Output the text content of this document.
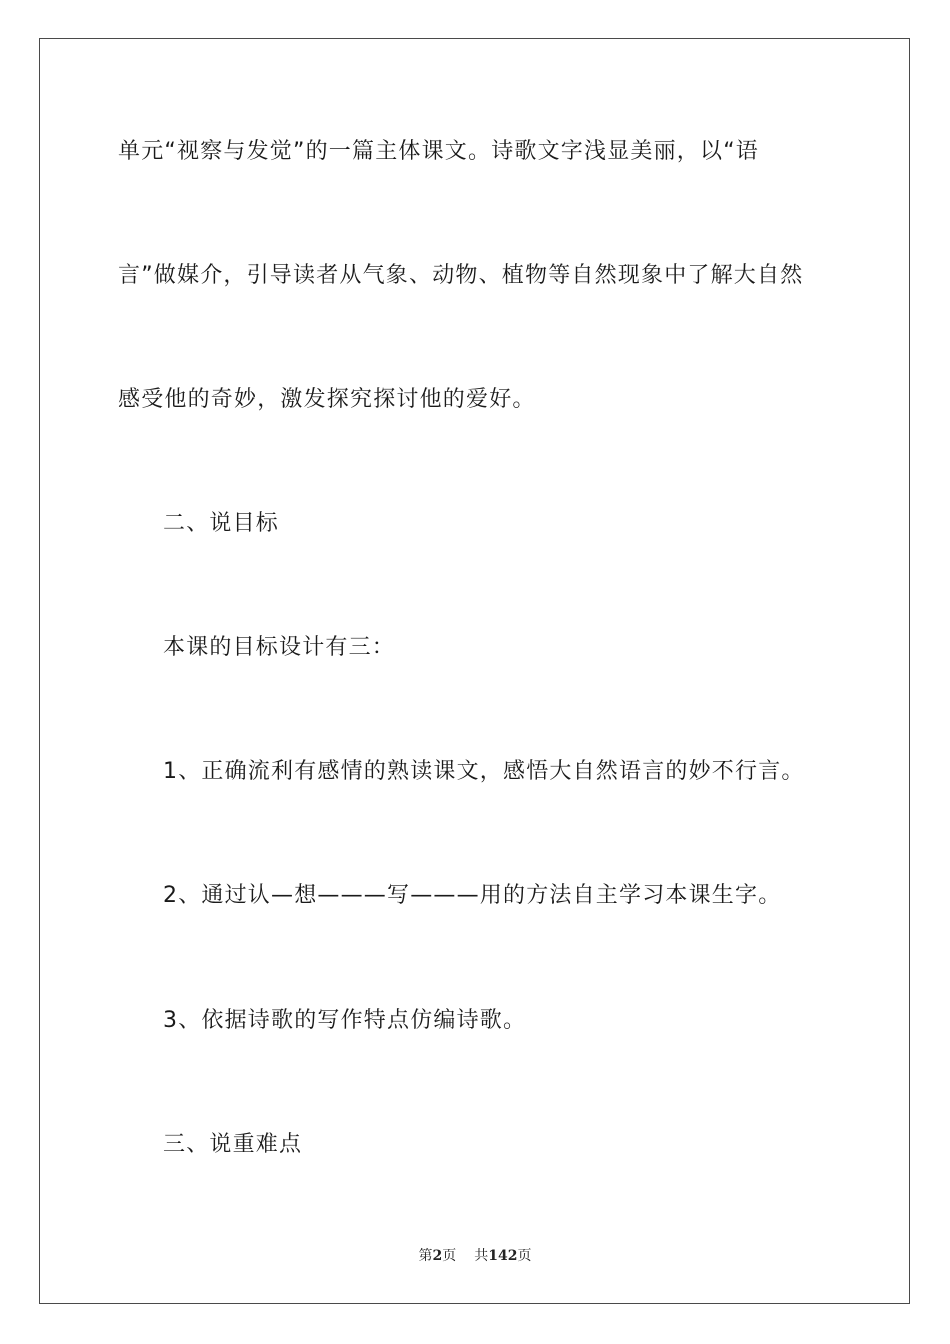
单元“视察与发觉”的一篇主体课文。诗歌文字浅显美丽，以“语
言”做媒介，引导读者从气象、动物、植物等自然现象中了解大自然
感受他的奇妙，激发探究探讨他的爱好。
二、说目标
本课的目标设计有三：
1、正确流利有感情的熟读课文，感悟大自然语言的妙不行言。
2、通过认—想———写———用的方法自主学习本课生字。
3、依据诗歌的写作特点仿编诗歌。
三、说重难点
第2页 共142页
